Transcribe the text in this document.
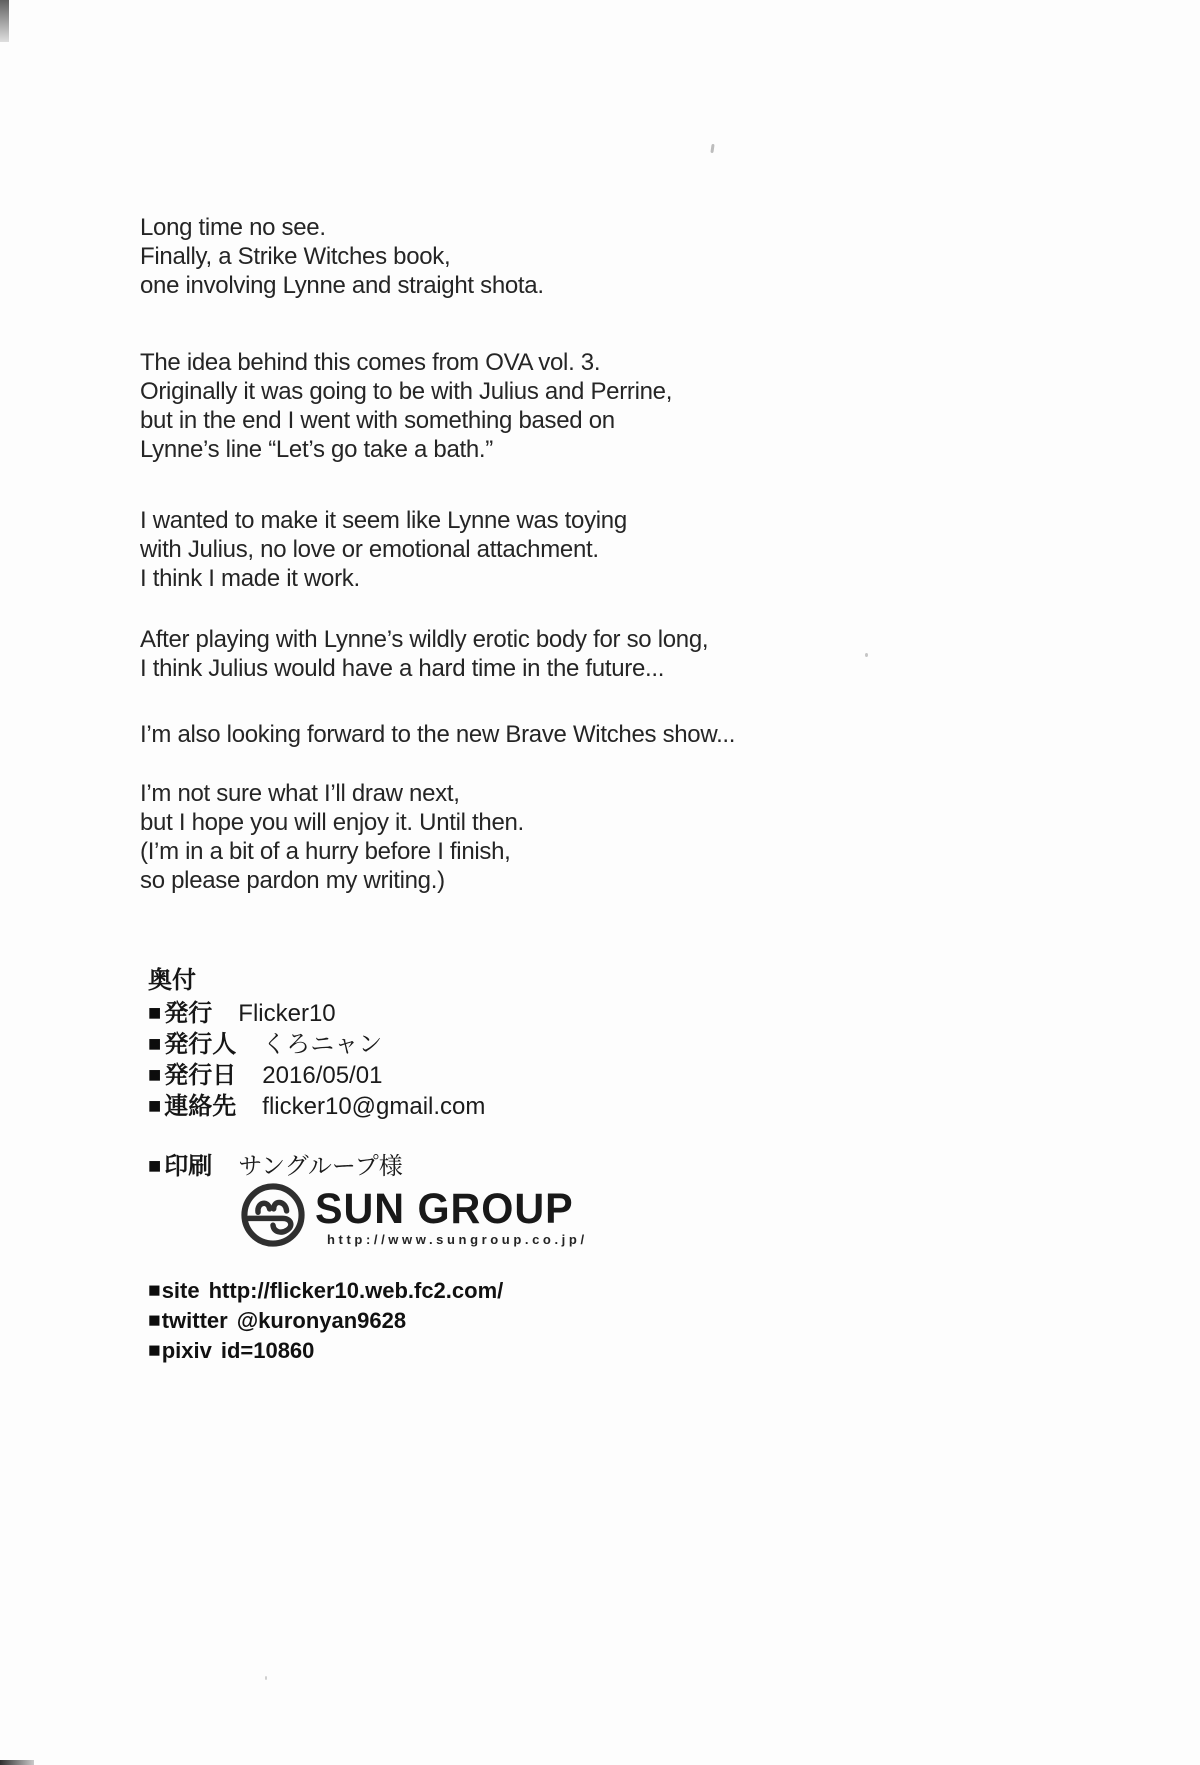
Long time no see.
Finally, a Strike Witches book,
one involving Lynne and straight shota.

The idea behind this comes from OVA vol. 3.
Originally it was going to be with Julius and Perrine,
but in the end I went with something based on
Lynne’s line “Let’s go take a bath.”

I wanted to make it seem like Lynne was toying
with Julius, no love or emotional attachment.
I think I made it work.

After playing with Lynne’s wildly erotic body for so long,
I think Julius would have a hard time in the future...

I’m also looking forward to the new Brave Witches show...

I’m not sure what I’ll draw next,
but I hope you will enjoy it. Until then.
(I’m in a bit of a hurry before I finish,
so please pardon my writing.)

奥付
■ 発行 Flicker10
■ 発行人 くろニャン
■ 発行日 2016/05/01
■ 連絡先 flicker10@gmail.com
■ 印刷 サングループ様
SUN GROUP
http://www.sungroup.co.jp/
■site http://flicker10.web.fc2.com/
■twitter @kuronyan9628
■pixiv id=10860
